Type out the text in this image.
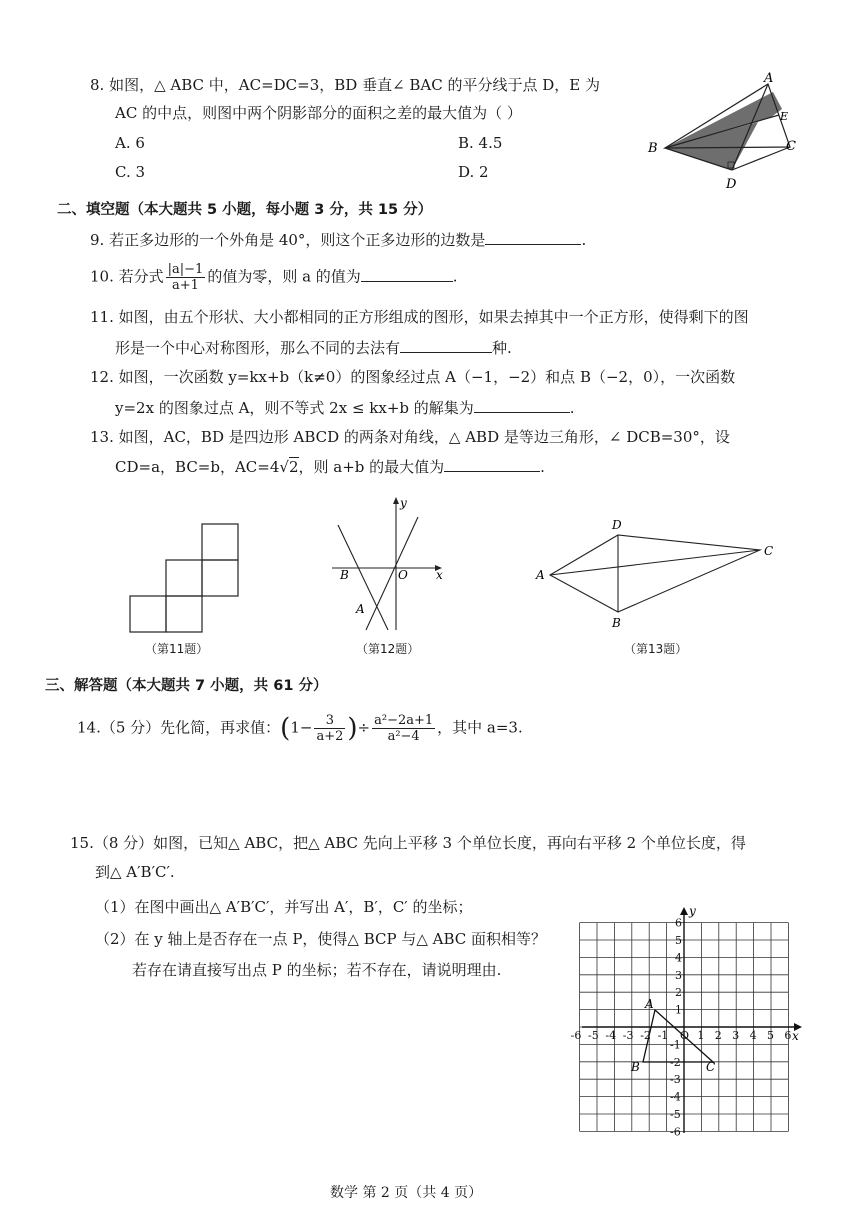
8. 如图，△ ABC 中，AC=DC=3，BD 垂直∠ BAC 的平分线于点 D，E 为
AC 的中点，则图中两个阴影部分的面积之差的最大值为（ ）
A. 6	B. 4.5
C. 3	D. 2
A
B	C
D
E
二、填空题（本大题共 5 小题，每小题 3 分，共 15 分）
9. 若正多边形的一个外角是 40°，则这个正多边形的边数是	.
10. 若分式 $\frac{|a|-1}{a+1}$ 的值为零，则 a 的值为	.
11. 如图，由五个形状、大小都相同的正方形组成的图形，如果去掉其中一个正方形，使得剩下的图
形是一个中心对称图形，那么不同的去法有	种.
12. 如图，一次函数 y=kx+b（k≠0）的图象经过点 A（−1，−2）和点 B（−2，0），一次函数
y=2x 的图象过点 A，则不等式 2x ≤ kx+b 的解集为	.
13. 如图，AC，BD 是四边形 ABCD 的两条对角线，△ ABD 是等边三角形，∠ DCB=30°，设
CD=a，BC=b，AC=4√2，则 a+b 的最大值为	.
（第11题）
y
x
O
B
A
（第12题）
A
D
C
B
（第13题）
三、解答题（本大题共 7 小题，共 61 分）
14.（5 分）先化简，再求值：($1- \frac{3}{a+2}$ )÷ $\frac{\text{a²−2a+1}}{\text{a²−4}}$ ，其中 a=3.
15.（8 分）如图，已知△ ABC，把△ ABC 先向上平移 3 个单位长度，再向右平移 2 个单位长度，得
到△ A′B′C′.
（1）在图中画出△ A′B′C′，并写出 A′，B′，C′ 的坐标；
（2）在 y 轴上是否存在一点 P，使得△ BCP 与△ ABC 面积相等？
若存在请直接写出点 P 的坐标；若不存在，请说明理由.
-6 -5 -4 -3 -2 -1 O 1 2 3 4 5 6
6
5
4
3
2
1
-1
-2
-3
-4
-5
-6
y
x
A
B	C
数学 第 2 页（共 4 页）
